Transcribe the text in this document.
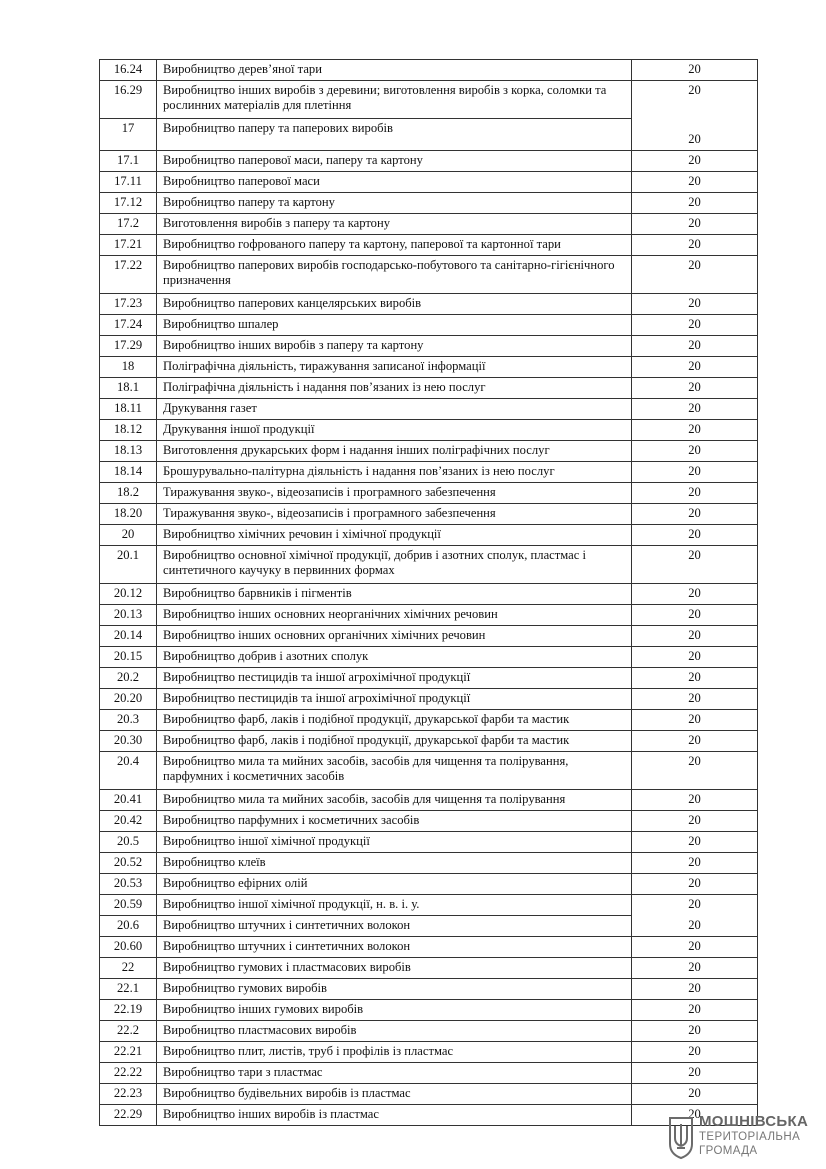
16.24	Виробництво дерев’яної тари	20
16.29	Виробництво інших виробів з деревини; виготовлення виробів з корка, соломки та рослинних матеріалів для плетіння	20
17	Виробництво паперу та паперових виробів	20
17.1	Виробництво паперової маси, паперу та картону	20
17.11	Виробництво паперової маси	20
17.12	Виробництво паперу та картону	20
17.2	Виготовлення виробів з паперу та картону	20
17.21	Виробництво гофрованого паперу та картону, паперової та картонної тари	20
17.22	Виробництво паперових виробів господарсько-побутового та санітарно-гігієнічного призначення	20
17.23	Виробництво паперових канцелярських виробів	20
17.24	Виробництво шпалер	20
17.29	Виробництво інших виробів з паперу та картону	20
18	Поліграфічна діяльність, тиражування записаної інформації	20
18.1	Поліграфічна діяльність і надання пов’язаних із нею послуг	20
18.11	Друкування газет	20
18.12	Друкування іншої продукції	20
18.13	Виготовлення друкарських форм і надання інших поліграфічних послуг	20
18.14	Брошурувально-палітурна діяльність і надання пов’язаних із нею послуг	20
18.2	Тиражування звуко-, відеозаписів і програмного забезпечення	20
18.20	Тиражування звуко-, відеозаписів і програмного забезпечення	20
20	Виробництво хімічних речовин і хімічної продукції	20
20.1	Виробництво основної хімічної продукції, добрив і азотних сполук, пластмас і синтетичного каучуку в первинних формах	20
20.12	Виробництво барвників і пігментів	20
20.13	Виробництво інших основних неорганічних хімічних речовин	20
20.14	Виробництво інших основних органічних хімічних речовин	20
20.15	Виробництво добрив і азотних сполук	20
20.2	Виробництво пестицидів та іншої агрохімічної продукції	20
20.20	Виробництво пестицидів та іншої агрохімічної продукції	20
20.3	Виробництво фарб, лаків і подібної продукції, друкарської фарби та мастик	20
20.30	Виробництво фарб, лаків і подібної продукції, друкарської фарби та мастик	20
20.4	Виробництво мила та мийних засобів, засобів для чищення та полірування, парфумних і косметичних засобів	20
20.41	Виробництво мила та мийних засобів, засобів для чищення та полірування	20
20.42	Виробництво парфумних і косметичних засобів	20
20.5	Виробництво іншої хімічної продукції	20
20.52	Виробництво клеїв	20
20.53	Виробництво ефірних олій	20
20.59	Виробництво іншої хімічної продукції, н. в. і. у.	20
20.6	Виробництво штучних і синтетичних волокон	20
20.60	Виробництво штучних і синтетичних волокон	20
22	Виробництво гумових і пластмасових виробів	20
22.1	Виробництво гумових виробів	20
22.19	Виробництво інших гумових виробів	20
22.2	Виробництво пластмасових виробів	20
22.21	Виробництво плит, листів, труб і профілів із пластмас	20
22.22	Виробництво тари з пластмас	20
22.23	Виробництво будівельних виробів із пластмас	20
22.29	Виробництво інших виробів із пластмас	20
МОШНІВСЬКА
ТЕРИТОРІАЛЬНА
ГРОМАДА
